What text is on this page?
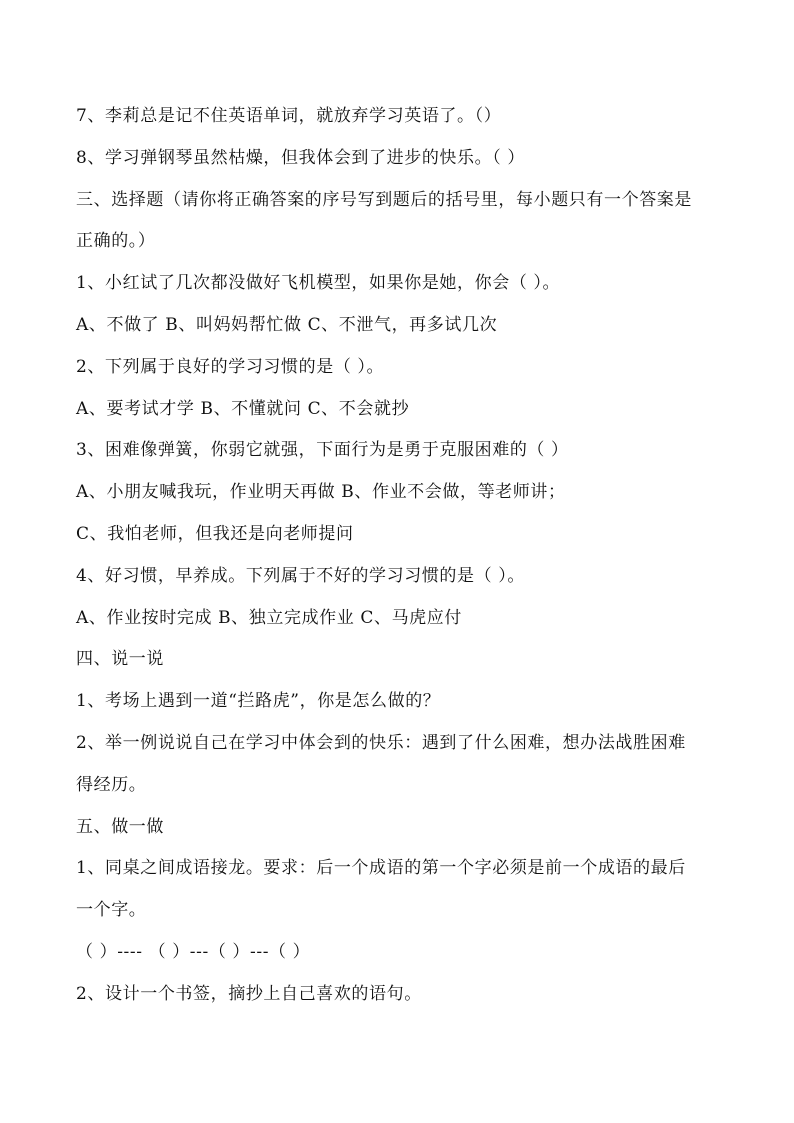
7、李莉总是记不住英语单词，就放弃学习英语了。（）
8、学习弹钢琴虽然枯燥，但我体会到了进步的快乐。（ ）
三、选择题（请你将正确答案的序号写到题后的括号里，每小题只有一个答案是
正确的。）
1、小红试了几次都没做好飞机模型，如果你是她，你会（ ）。
A、不做了 B、叫妈妈帮忙做 C、不泄气，再多试几次
2、下列属于良好的学习习惯的是（ ）。
A、要考试才学 B、不懂就问 C、不会就抄
3、困难像弹簧，你弱它就强，下面行为是勇于克服困难的（ ）
A、小朋友喊我玩，作业明天再做 B、作业不会做，等老师讲；
C、我怕老师，但我还是向老师提问
4、好习惯，早养成。下列属于不好的学习习惯的是（ ）。
A、作业按时完成 B、独立完成作业 C、马虎应付
四、说一说
1、考场上遇到一道“拦路虎”，你是怎么做的？
2、举一例说说自己在学习中体会到的快乐：遇到了什么困难，想办法战胜困难
得经历。
五、做一做
1、同桌之间成语接龙。要求：后一个成语的第一个字必须是前一个成语的最后
一个字。
（ ）---- （ ）---（ ）---（ ）
2、设计一个书签，摘抄上自己喜欢的语句。
